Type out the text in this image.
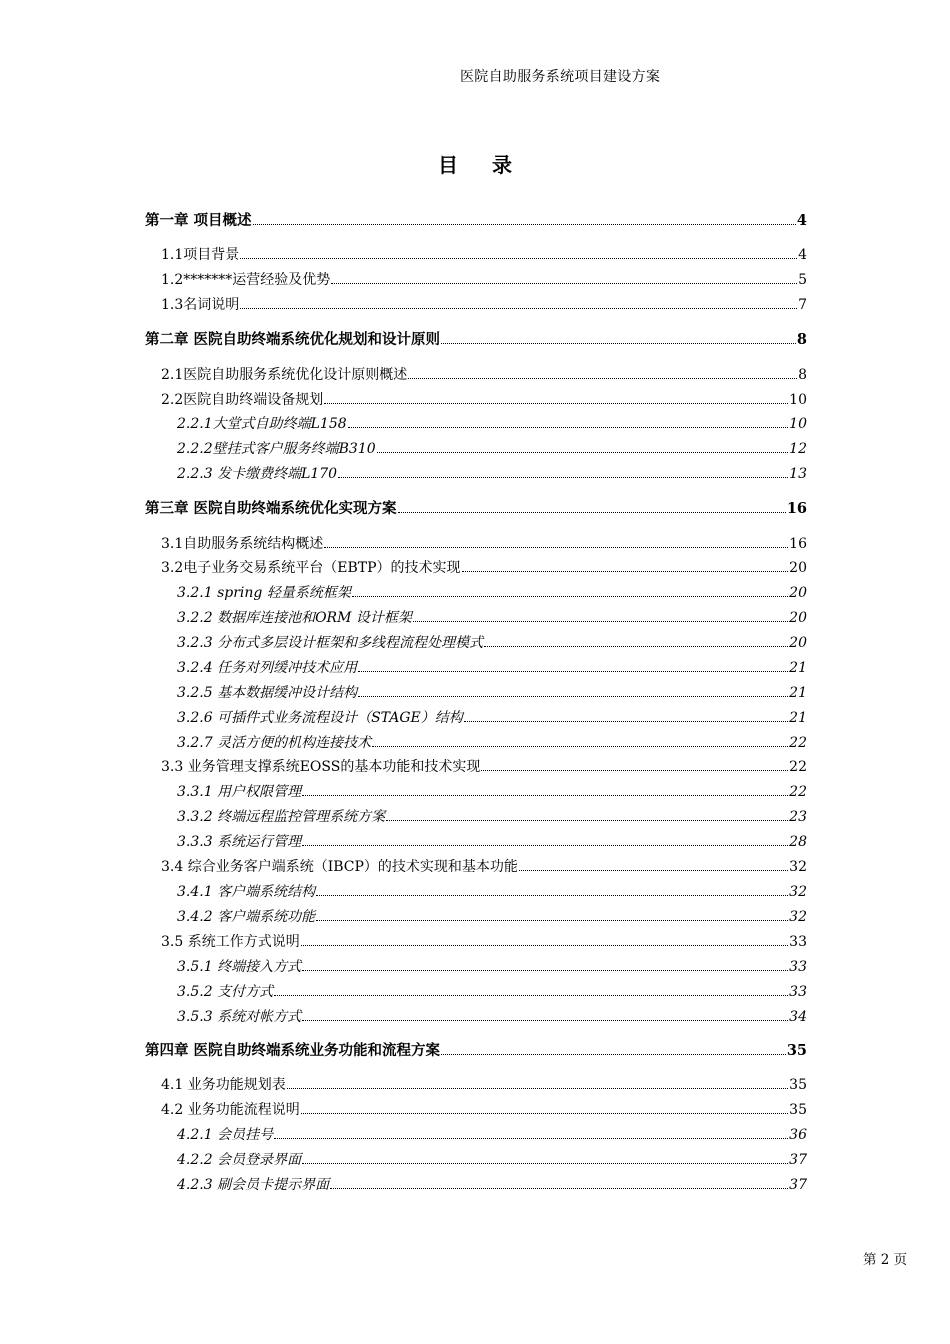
医院自助服务系统项目建设方案
目录
第一章 项目概述	4
1.1项目背景	4
1.2*******运营经验及优势	5
1.3名词说明	7
第二章 医院自助终端系统优化规划和设计原则	8
2.1医院自助服务系统优化设计原则概述	8
2.2医院自助终端设备规划	10
2.2.1大堂式自助终端L158	10
2.2.2壁挂式客户服务终端B310	12
2.2.3 发卡缴费终端L170	13
第三章 医院自助终端系统优化实现方案	16
3.1自助服务系统结构概述	16
3.2电子业务交易系统平台（EBTP）的技术实现	20
3.2.1 spring 轻量系统框架	20
3.2.2 数据库连接池和ORM 设计框架	20
3.2.3 分布式多层设计框架和多线程流程处理模式	20
3.2.4 任务对列缓冲技术应用	21
3.2.5 基本数据缓冲设计结构	21
3.2.6 可插件式业务流程设计（STAGE）结构	21
3.2.7 灵活方便的机构连接技术	22
3.3 业务管理支撑系统EOSS的基本功能和技术实现	22
3.3.1 用户权限管理	22
3.3.2 终端远程监控管理系统方案	23
3.3.3 系统运行管理	28
3.4 综合业务客户端系统（IBCP）的技术实现和基本功能	32
3.4.1 客户端系统结构	32
3.4.2 客户端系统功能	32
3.5 系统工作方式说明	33
3.5.1 终端接入方式	33
3.5.2 支付方式	33
3.5.3 系统对帐方式	34
第四章 医院自助终端系统业务功能和流程方案	35
4.1 业务功能规划表	35
4.2 业务功能流程说明	35
4.2.1 会员挂号	36
4.2.2 会员登录界面	37
4.2.3 刷会员卡提示界面	37
第 2 页
